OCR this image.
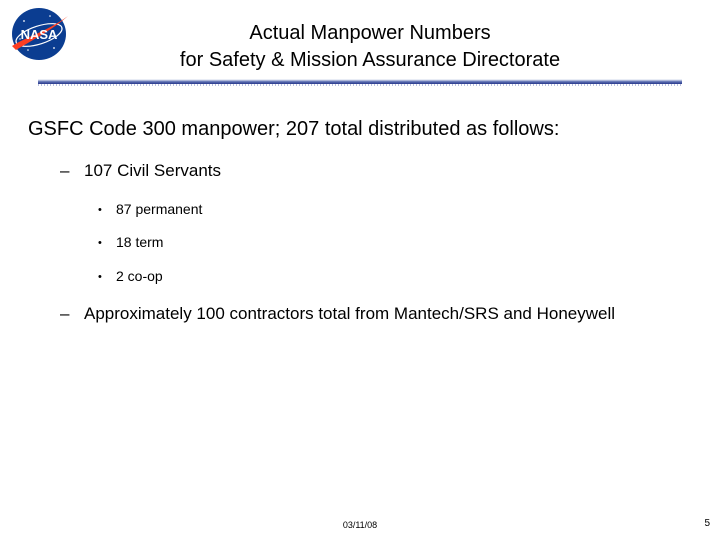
NASA	Actual Manpower Numbers
for Safety & Mission Assurance Directorate
GSFC Code 300 manpower; 207 total distributed as follows:
– 107 Civil Servants
• 87 permanent
• 18 term
• 2 co-op
– Approximately 100 contractors total from Mantech/SRS and Honeywell
03/11/08	5
